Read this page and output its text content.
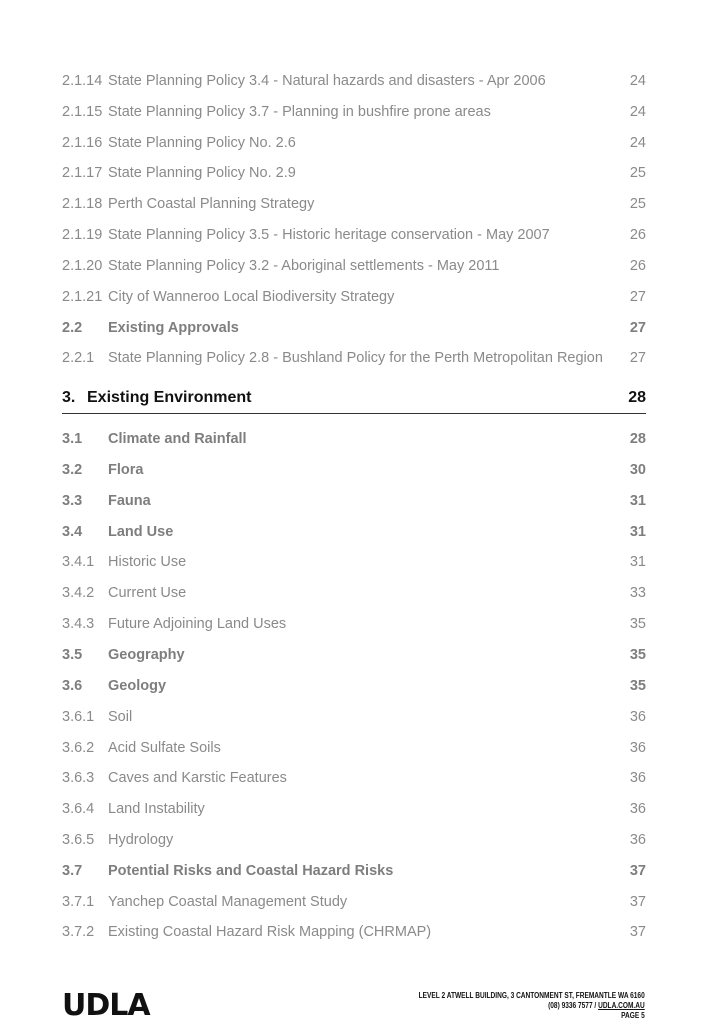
2.1.14 State Planning Policy 3.4 - Natural hazards and disasters - Apr 2006	24
2.1.15 State Planning Policy 3.7 - Planning in bushfire prone areas	24
2.1.16 State Planning Policy No. 2.6	24
2.1.17 State Planning Policy No. 2.9	25
2.1.18 Perth Coastal Planning Strategy	25
2.1.19 State Planning Policy 3.5 - Historic heritage conservation - May 2007	26
2.1.20 State Planning Policy 3.2 - Aboriginal settlements - May 2011	26
2.1.21 City of Wanneroo Local Biodiversity Strategy	27
2.2	Existing Approvals	27
2.2.1 State Planning Policy 2.8 - Bushland Policy for the Perth Metropolitan Region	27
3. Existing Environment	28
3.1	Climate and Rainfall	28
3.2	Flora	30
3.3	Fauna	31
3.4	Land Use	31
3.4.1 Historic Use	31
3.4.2 Current Use	33
3.4.3 Future Adjoining Land Uses	35
3.5	Geography	35
3.6	Geology	35
3.6.1 Soil	36
3.6.2 Acid Sulfate Soils	36
3.6.3 Caves and Karstic Features	36
3.6.4 Land Instability	36
3.6.5 Hydrology	36
3.7	Potential Risks and Coastal Hazard Risks	37
3.7.1 Yanchep Coastal Management Study	37
3.7.2 Existing Coastal Hazard Risk Mapping (CHRMAP)	37
UDLA	LEVEL 2 ATWELL BUILDING, 3 CANTONMENT ST, FREMANTLE WA 6160
(08) 9336 7577 / UDLA.COM.AU
PAGE 5
